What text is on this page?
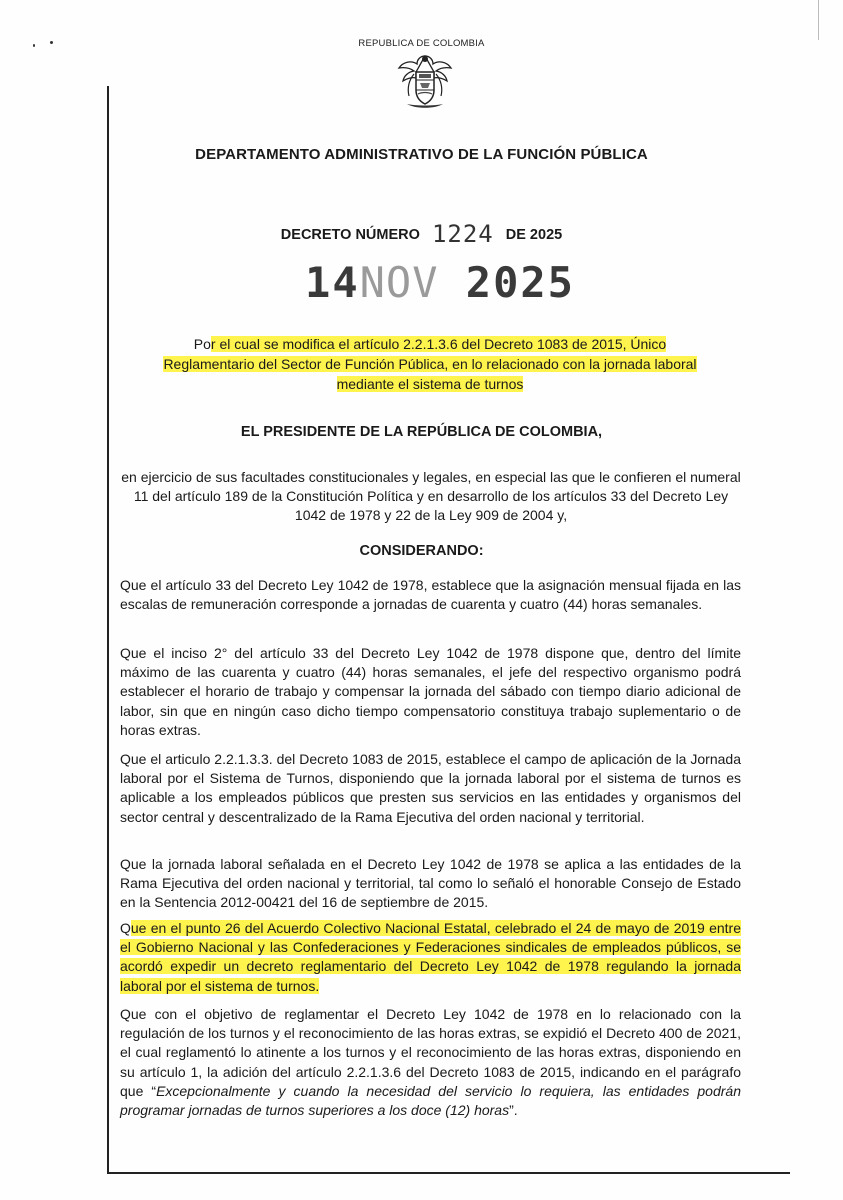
REPUBLICA DE COLOMBIA
DEPARTAMENTO ADMINISTRATIVO DE LA FUNCIÓN PÚBLICA
DECRETO NÚMERO 1224 DE 2025
14NOV 2025
Por el cual se modifica el artículo 2.2.1.3.6 del Decreto 1083 de 2015, Único Reglamentario del Sector de Función Pública, en lo relacionado con la jornada laboral mediante el sistema de turnos
EL PRESIDENTE DE LA REPÚBLICA DE COLOMBIA,
en ejercicio de sus facultades constitucionales y legales, en especial las que le confieren el numeral 11 del artículo 189 de la Constitución Política y en desarrollo de los artículos 33 del Decreto Ley 1042 de 1978 y 22 de la Ley 909 de 2004 y,
CONSIDERANDO:
Que el artículo 33 del Decreto Ley 1042 de 1978, establece que la asignación mensual fijada en las escalas de remuneración corresponde a jornadas de cuarenta y cuatro (44) horas semanales.
Que el inciso 2° del artículo 33 del Decreto Ley 1042 de 1978 dispone que, dentro del límite máximo de las cuarenta y cuatro (44) horas semanales, el jefe del respectivo organismo podrá establecer el horario de trabajo y compensar la jornada del sábado con tiempo diario adicional de labor, sin que en ningún caso dicho tiempo compensatorio constituya trabajo suplementario o de horas extras.
Que el articulo 2.2.1.3.3. del Decreto 1083 de 2015, establece el campo de aplicación de la Jornada laboral por el Sistema de Turnos, disponiendo que la jornada laboral por el sistema de turnos es aplicable a los empleados públicos que presten sus servicios en las entidades y organismos del sector central y descentralizado de la Rama Ejecutiva del orden nacional y territorial.
Que la jornada laboral señalada en el Decreto Ley 1042 de 1978 se aplica a las entidades de la Rama Ejecutiva del orden nacional y territorial, tal como lo señaló el honorable Consejo de Estado en la Sentencia 2012-00421 del 16 de septiembre de 2015.
Que en el punto 26 del Acuerdo Colectivo Nacional Estatal, celebrado el 24 de mayo de 2019 entre el Gobierno Nacional y las Confederaciones y Federaciones sindicales de empleados públicos, se acordó expedir un decreto reglamentario del Decreto Ley 1042 de 1978 regulando la jornada laboral por el sistema de turnos.
Que con el objetivo de reglamentar el Decreto Ley 1042 de 1978 en lo relacionado con la regulación de los turnos y el reconocimiento de las horas extras, se expidió el Decreto 400 de 2021, el cual reglamentó lo atinente a los turnos y el reconocimiento de las horas extras, disponiendo en su artículo 1, la adición del artículo 2.2.1.3.6 del Decreto 1083 de 2015, indicando en el parágrafo que “Excepcionalmente y cuando la necesidad del servicio lo requiera, las entidades podrán programar jornadas de turnos superiores a los doce (12) horas”.
